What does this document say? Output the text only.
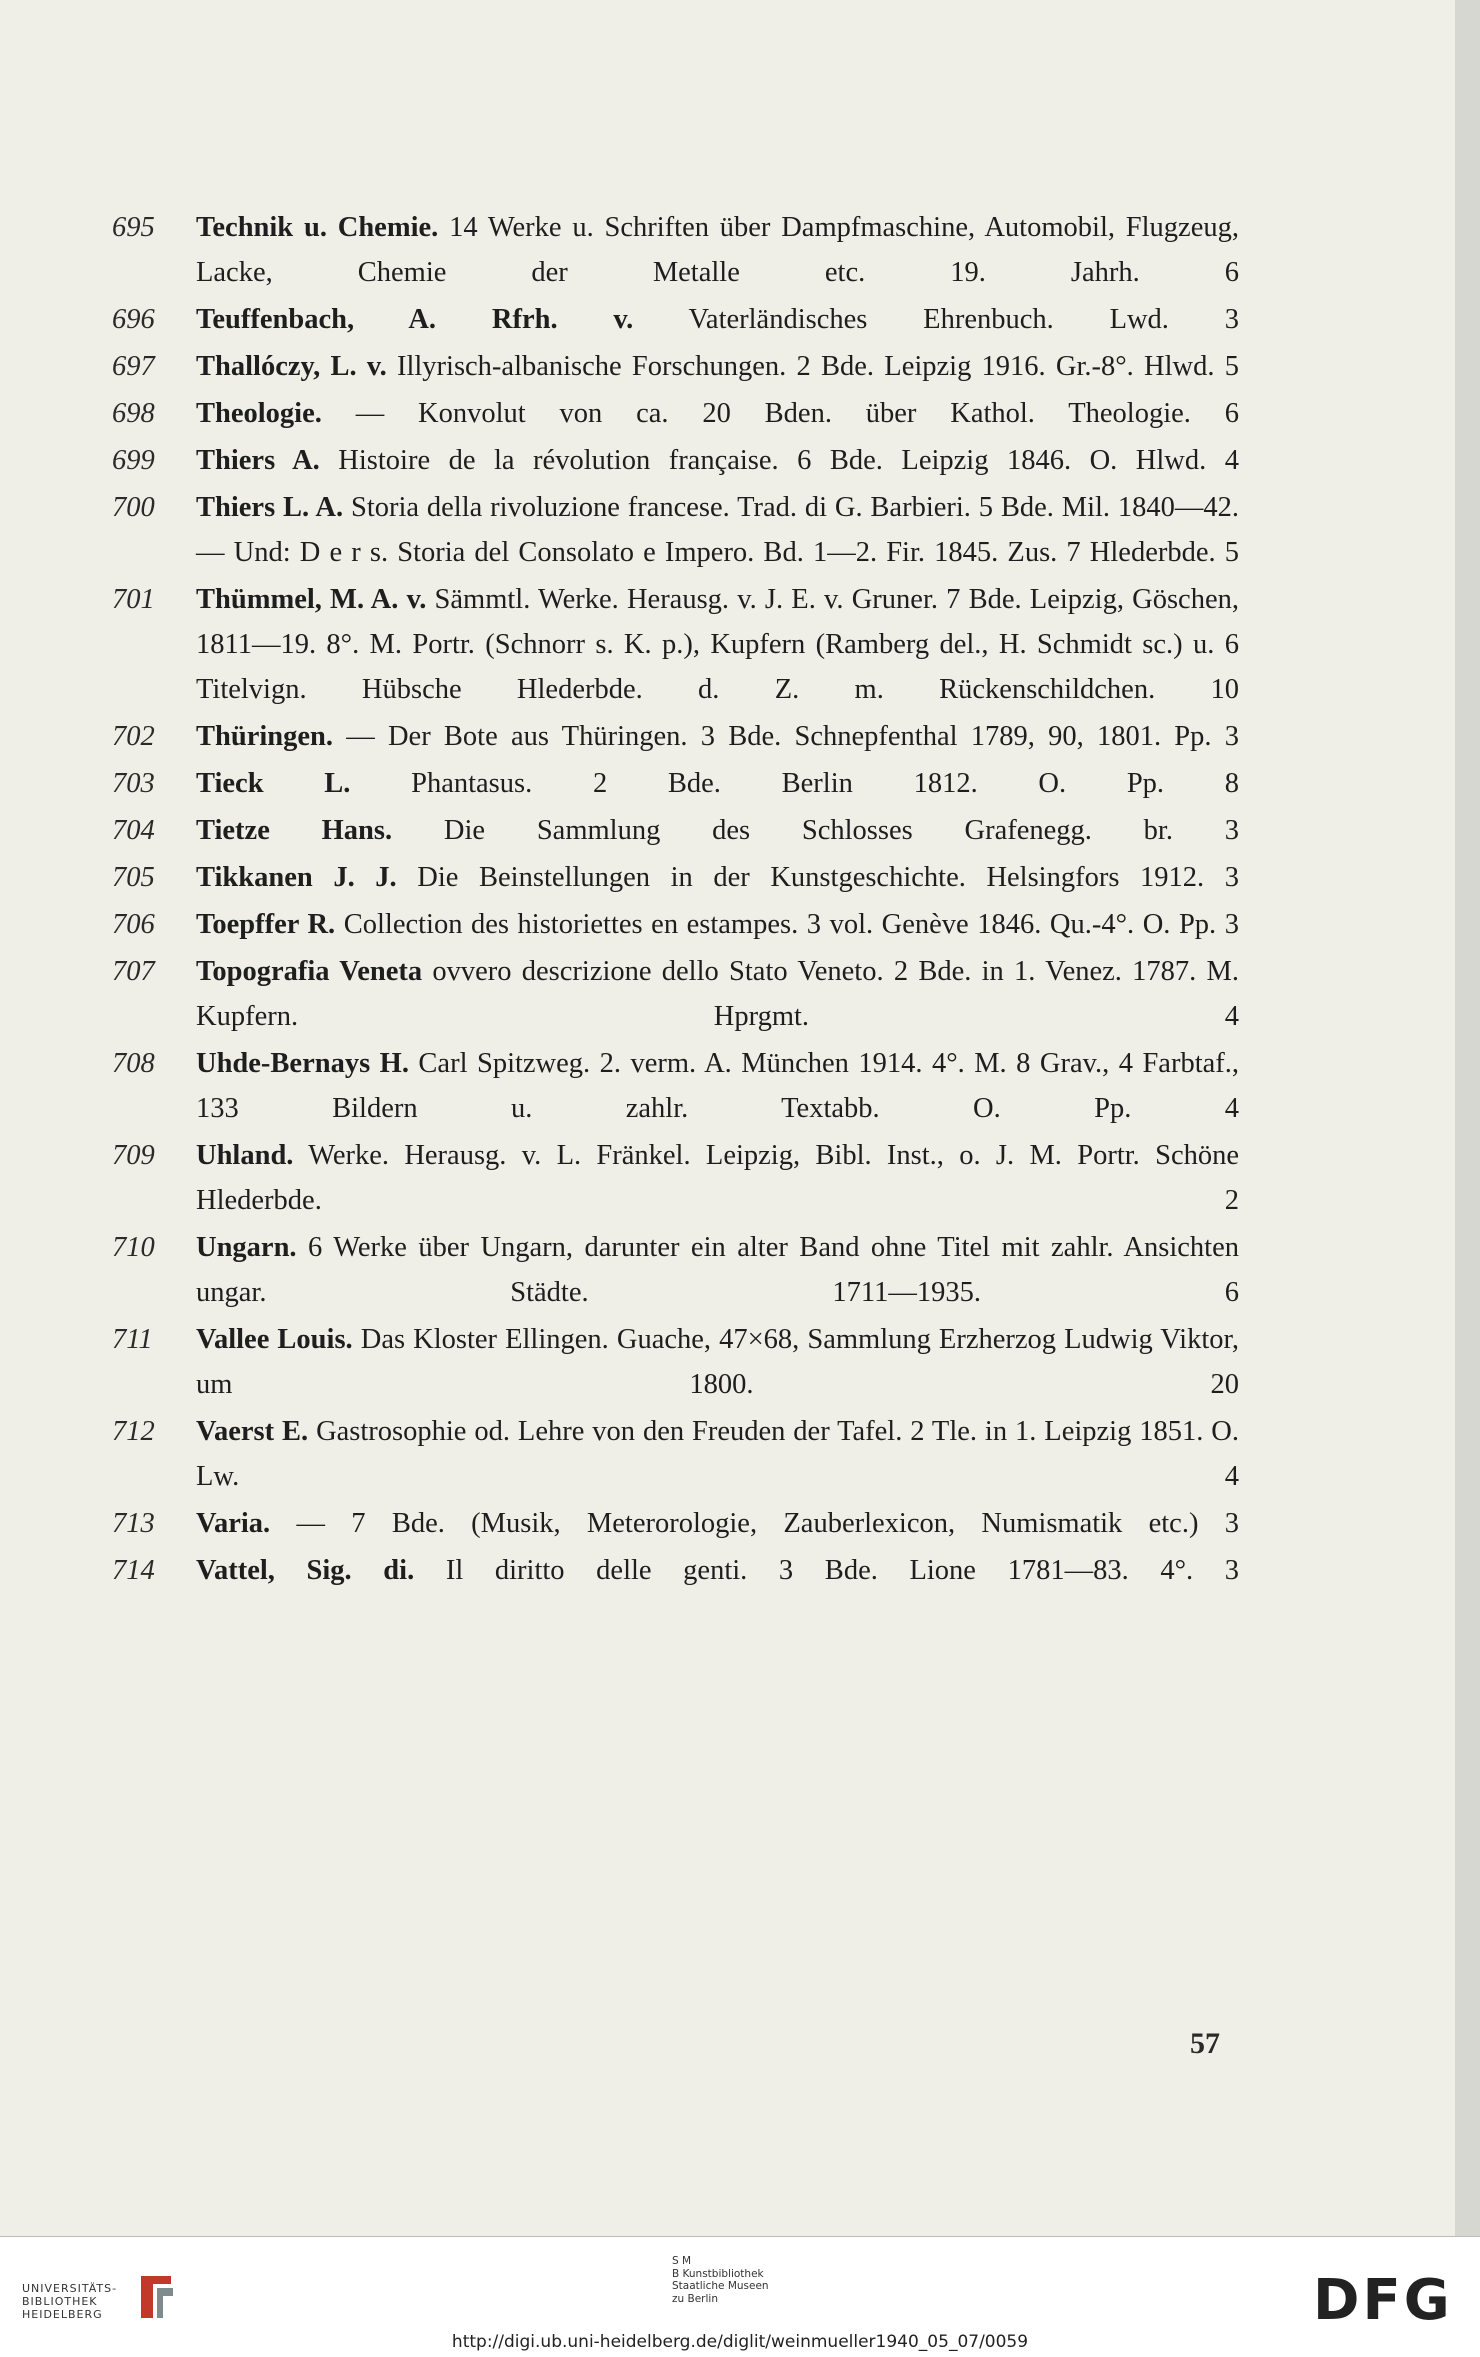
695	Technik u. Chemie. 14 Werke u. Schriften über Dampfmaschine, Automobil, Flugzeug, Lacke, Chemie der Metalle etc. 19. Jahrh.	6
696	Teuffenbach, A. Rfrh. v. Vaterländisches Ehrenbuch. Lwd. 3
697	Thallóczy, L. v. Illyrisch-albanische Forschungen. 2 Bde. Leipzig 1916. Gr.-8°. Hlwd. 5
698	Theologie. — Konvolut von ca. 20 Bden. über Kathol. Theologie. 6
699	Thiers A. Histoire de la révolution française. 6 Bde. Leipzig 1846. O. Hlwd. 4
700	Thiers L. A. Storia della rivoluzione francese. Trad. di G. Barbieri. 5 Bde. Mil. 1840—42. — Und: D e r s. Storia del Consolato e Impero. Bd. 1—2. Fir. 1845. Zus. 7 Hlederbde. 5
701	Thümmel, M. A. v. Sämmtl. Werke. Herausg. v. J. E. v. Gruner. 7 Bde. Leipzig, Göschen, 1811—19. 8°. M. Portr. (Schnorr s. K. p.), Kupfern (Ramberg del., H. Schmidt sc.) u. 6 Titelvign. Hübsche Hlederbde. d. Z. m. Rückenschildchen. 10
702	Thüringen. — Der Bote aus Thüringen. 3 Bde. Schnepfenthal 1789, 90, 1801. Pp. 3
703	Tieck L. Phantasus. 2 Bde. Berlin 1812. O. Pp. 8
704	Tietze Hans. Die Sammlung des Schlosses Grafenegg. br. 3
705	Tikkanen J. J. Die Beinstellungen in der Kunstgeschichte. Helsingfors 1912. 3
706	Toepffer R. Collection des historiettes en estampes. 3 vol. Genève 1846. Qu.-4°. O. Pp. 3
707	Topografia Veneta ovvero descrizione dello Stato Veneto. 2 Bde. in 1. Venez. 1787. M. Kupfern. Hprgmt.	4
708	Uhde-Bernays H. Carl Spitzweg. 2. verm. A. München 1914. 4°. M. 8 Grav., 4 Farbtaf., 133 Bildern u. zahlr. Textabb. O. Pp.	4
709	Uhland. Werke. Herausg. v. L. Fränkel. Leipzig, Bibl. Inst., o. J. M. Portr. Schöne Hlederbde.	2
710	Ungarn. 6 Werke über Ungarn, darunter ein alter Band ohne Titel mit zahlr. Ansichten ungar. Städte. 1711—1935.	6
711	Vallee Louis. Das Kloster Ellingen. Guache, 47×68, Sammlung Erzherzog Ludwig Viktor, um 1800.	20
712	Vaerst E. Gastrosophie od. Lehre von den Freuden der Tafel. 2 Tle. in 1. Leipzig 1851. O. Lw.	4
713	Varia. — 7 Bde. (Musik, Meterorologie, Zauberlexicon, Numismatik etc.) 3
714	Vattel, Sig. di. Il diritto delle genti. 3 Bde. Lione 1781—83. 4°. 3
57
UNIVERSITÄTS-
BIBLIOTHEK
HEIDELBERG
S M
B Kunstbibliothek
Staatliche Museen
zu Berlin	DFG
http://digi.ub.uni-heidelberg.de/diglit/weinmueller1940_05_07/0059
